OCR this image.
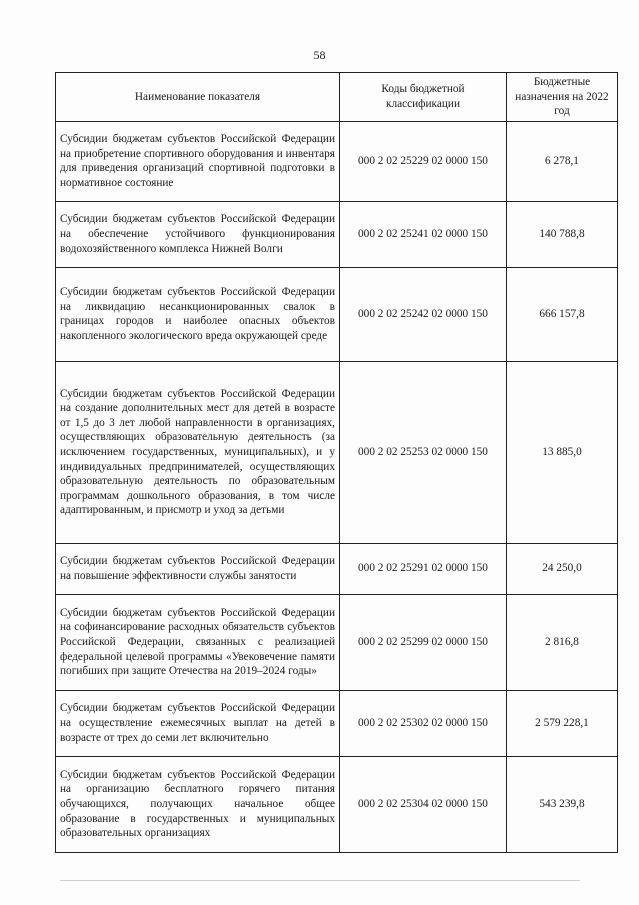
58
Наименование показателя	Коды бюджетной классификации	Бюджетные назначения на 2022 год
Субсидии бюджетам субъектов Российской Федерации на приобретение спортивного оборудования и инвентаря для приведения организаций спортивной подготовки в нормативное состояние	000 2 02 25229 02 0000 150	6 278,1
Субсидии бюджетам субъектов Российской Федерации на обеспечение устойчивого функционирования водохозяйственного комплекса Нижней Волги	000 2 02 25241 02 0000 150	140 788,8
Субсидии бюджетам субъектов Российской Федерации на ликвидацию несанкционированных свалок в границах городов и наиболее опасных объектов накопленного экологического вреда окружающей среде	000 2 02 25242 02 0000 150	666 157,8
Субсидии бюджетам субъектов Российской Федерации на создание дополнительных мест для детей в возрасте от 1,5 до 3 лет любой направленности в организациях, осуществляющих образовательную деятельность (за исключением государственных, муниципальных), и у индивидуальных предпринимателей, осуществляющих образовательную деятельность по образовательным программам дошкольного образования, в том числе адаптированным, и присмотр и уход за детьми	000 2 02 25253 02 0000 150	13 885,0
Субсидии бюджетам субъектов Российской Федерации на повышение эффективности службы занятости	000 2 02 25291 02 0000 150	24 250,0
Субсидии бюджетам субъектов Российской Федерации на софинансирование расходных обязательств субъектов Российской Федерации, связанных с реализацией федеральной целевой программы «Увековечение памяти погибших при защите Отечества на 2019–2024 годы»	000 2 02 25299 02 0000 150	2 816,8
Субсидии бюджетам субъектов Российской Федерации на осуществление ежемесячных выплат на детей в возрасте от трех до семи лет включительно	000 2 02 25302 02 0000 150	2 579 228,1
Субсидии бюджетам субъектов Российской Федерации на организацию бесплатного горячего питания обучающихся, получающих начальное общее образование в государственных и муниципальных образовательных организациях	000 2 02 25304 02 0000 150	543 239,8
